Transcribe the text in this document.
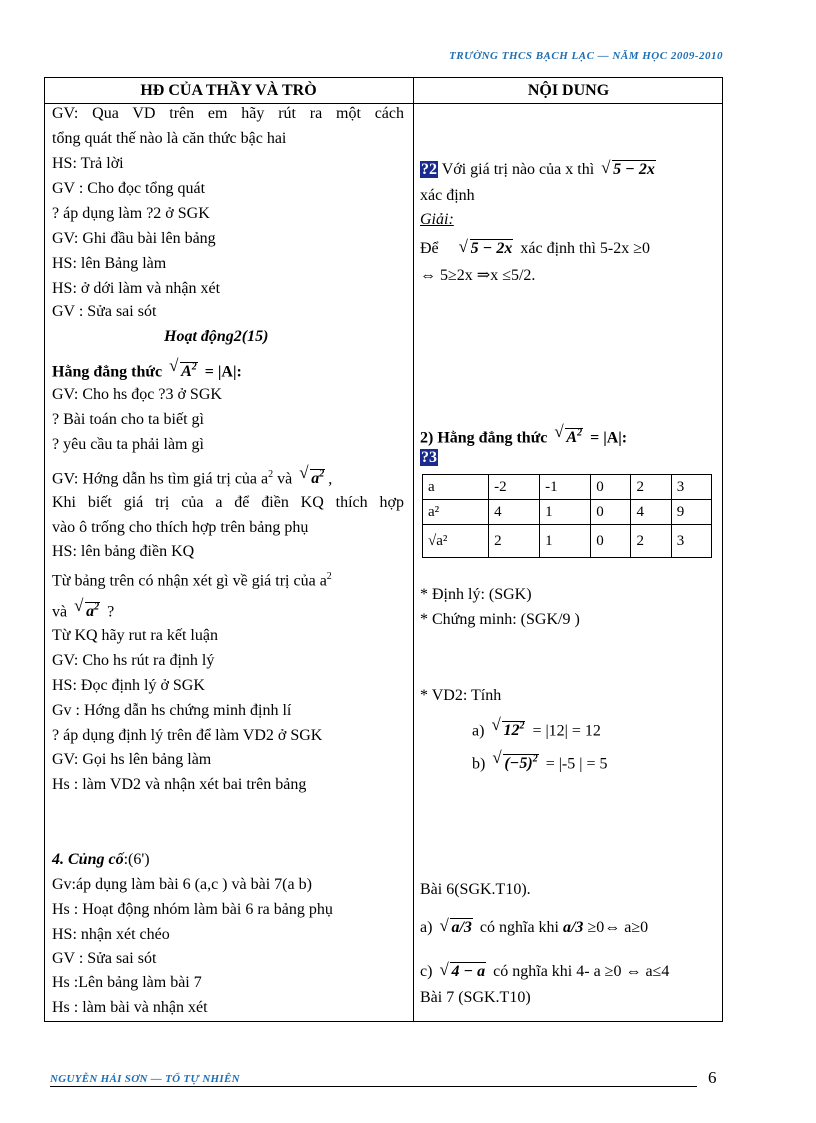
TRƯỜNG THCS BẠCH LẠC — NĂM HỌC 2009-2010
HĐ CỦA THẦY VÀ TRÒ	NỘI DUNG
GV: Qua VD trên em hãy rút ra một cách
tổng quát thế nào là căn thức bậc hai
HS: Trả lời
GV : Cho đọc tổng quát
? áp dụng làm ?2 ở SGK
GV: Ghi đầu bài lên bảng
HS: lên Bảng làm
HS: ở dới làm và nhận xét
GV : Sửa sai sót
Hoạt động2(15)
Hằng đẳng thức √ $A^2 = |A|$:
GV: Cho hs đọc ?3 ở SGK
? Bài toán cho ta biết gì
? yêu cầu ta phải làm gì
GV: Hớng dẫn hs tìm giá trị của $a^2$ và √ $a^2$ ,
Khi biết giá trị của a để điền KQ thích hợp
vào ô trống cho thích hợp trên bảng phụ
HS: lên bảng điền KQ
Từ bảng trên có nhận xét gì về giá trị của $a^2$
và √ $a^2$ ?
Từ KQ hãy rut ra kết luận
GV: Cho hs rút ra định lý
HS: Đọc định lý ở SGK
Gv : Hớng dẫn hs chứng minh định lí
? áp dụng định lý trên để làm VD2 ở SGK
GV: Gọi hs lên bảng làm
Hs : làm VD2 và nhận xét bai trên bảng
4. Củng cố:(6')
Gv:áp dụng làm bài 6 (a,c ) và bài 7(a b)
Hs : Hoạt động nhóm làm bài 6 ra bảng phụ
HS: nhận xét chéo
GV : Sửa sai sót
Hs :Lên bảng làm bài 7
Hs : làm bài và nhận xét
?2 Với giá trị nào của x thì √ 5 − 2x
xác định
Giải:
Để √ 5 − 2x xác định thì 5-2x ≥0
⇔ 5≥2x ⇒x ≤5/2.
2) Hằng đẳng thức √ $A^2 = |A|$:
?3
a	-2	-1	0	2	3
a²	4	1	0	4	9
√a²	2	1	0	2	3
* Định lý: (SGK)
* Chứng minh: (SGK/9 )
* VD2: Tính
a) √ $12^2 = |12| = 12$
b) √ $(-5)^2 = |-5$ | = 5
Bài 6(SGK.T10).
a) √ a/3 có nghĩa khi a/3 ≥0⇔ a≥0
c) √ 4 − a có nghĩa khi 4- a ≥0 ⇔ a≤4
Bài 7 (SGK.T10)
NGUYỄN HẢI SƠN — TỔ TỰ NHIÊN	6
